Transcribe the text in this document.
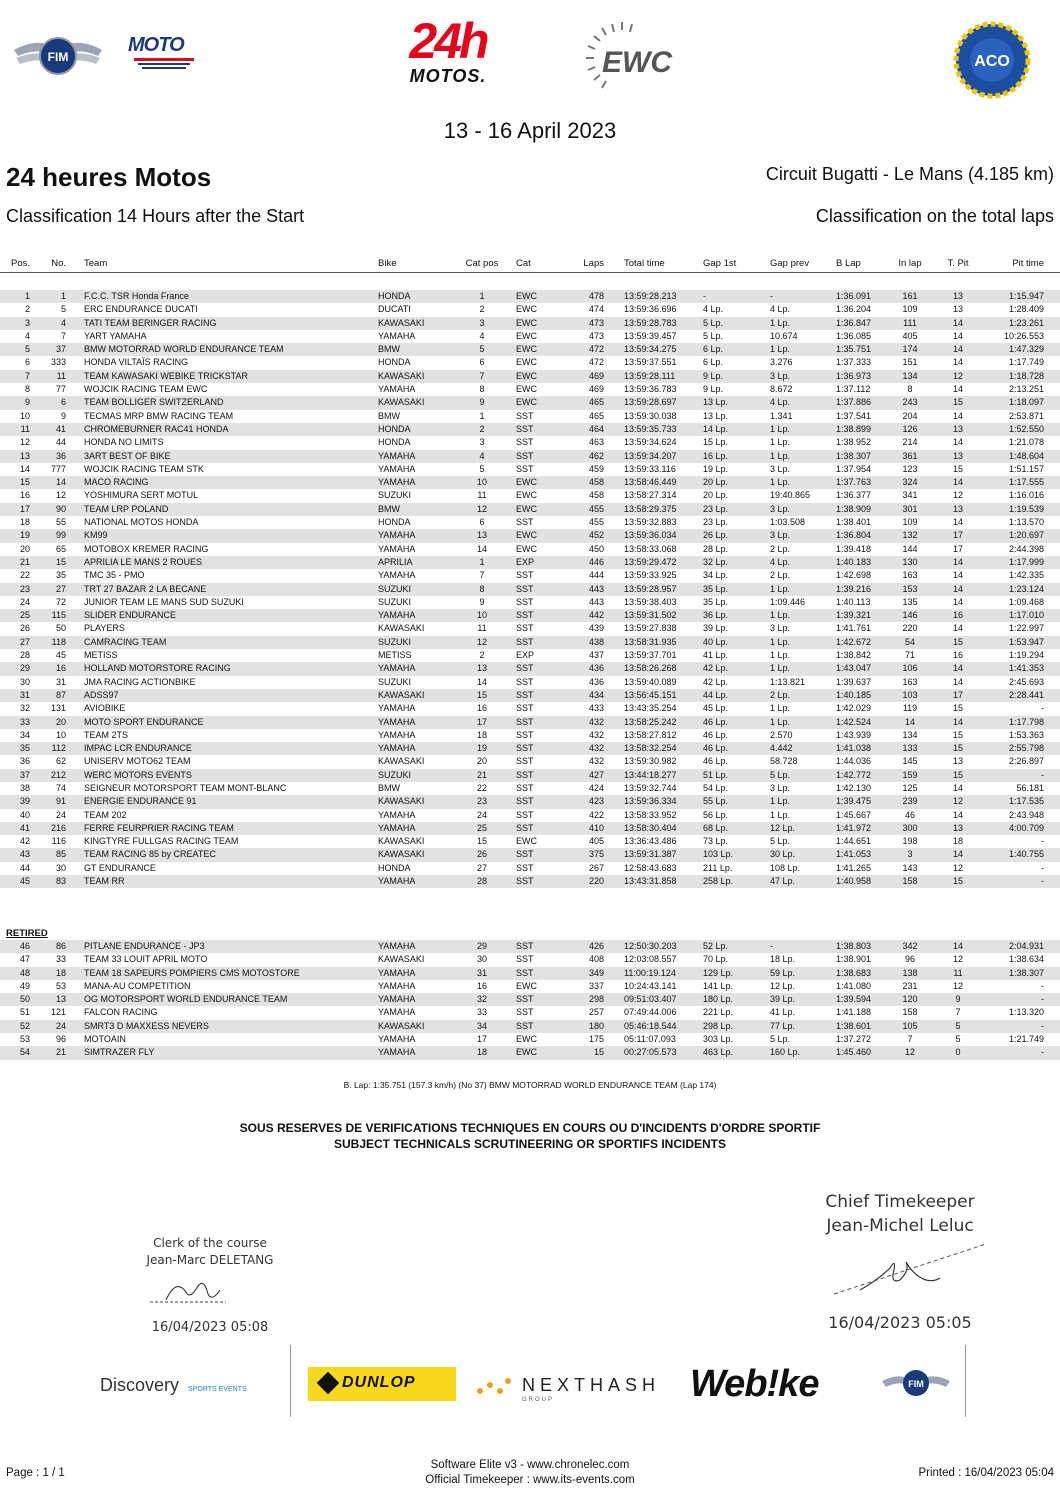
FIM
MOTO	24h
MOTOS.	EWC	ACO
13 - 16 April 2023
24 heures Motos	Circuit Bugatti - Le Mans (4.185 km)
Classification 14 Hours after the Start	Classification on the total laps
Pos.	No. Team	Bike	Cat pos	Cat	Laps Total time	Gap 1st	Gap prev	B Lap	In lap	T. Pit	Pit time
1	1 F.C.C. TSR Honda France	HONDA	1	EWC	478 13:59:28.213	-	-	1:36.091	161	13	1:15.947
2	5 ERC ENDURANCE DUCATI	DUCATI	2	EWC	474 13:59:36.696	4 Lp.	4 Lp.	1:36.204	109	13	1:28.409
3	4 TATI TEAM BERINGER RACING	KAWASAKI	3	EWC	473 13:59:28.783	5 Lp.	1 Lp.	1:36.847	111	14	1:23.261
4	7 YART YAMAHA	YAMAHA	4	EWC	473 13:59:39.457	5 Lp.	10.674	1:36.085	405	14	10:26.553
5	37 BMW MOTORRAD WORLD ENDURANCE TEAM	BMW	5	EWC	472 13:59:34.275	6 Lp.	1 Lp.	1:35.751	174	14	1:47.329
6	333 HONDA VILTAÏS RACING	HONDA	6	EWC	472 13:59:37.551	6 Lp.	3.276	1:37.333	151	14	1:17.749
7	11 TEAM KAWASAKI WEBIKE TRICKSTAR	KAWASAKI	7	EWC	469 13:59:28.111	9 Lp.	3 Lp.	1:36.973	134	12	1:18.728
8	77 WOJCIK RACING TEAM EWC	YAMAHA	8	EWC	469 13:59:36.783	9 Lp.	8.672	1:37.112	8	14	2:13.251
9	6 TEAM BOLLIGER SWITZERLAND	KAWASAKI	9	EWC	465 13:59:28.697	13 Lp.	4 Lp.	1:37.886	243	15	1:18.097
10	9 TECMAS MRP BMW RACING TEAM	BMW	1	SST	465 13:59:30.038	13 Lp.	1.341	1:37.541	204	14	2:53.871
11	41 CHROMEBURNER RAC41 HONDA	HONDA	2	SST	464 13:59:35.733	14 Lp.	1 Lp.	1:38.899	126	13	1:52.550
12	44 HONDA NO LIMITS	HONDA	3	SST	463 13:59:34.624	15 Lp.	1 Lp.	1:38.952	214	14	1:21.078
13	36 3ART BEST OF BIKE	YAMAHA	4	SST	462 13:59:34.207	16 Lp.	1 Lp.	1:38.307	361	13	1:48.604
14	777 WOJCIK RACING TEAM STK	YAMAHA	5	SST	459 13:59:33.116	19 Lp.	3 Lp.	1:37.954	123	15	1:51.157
15	14 MACO RACING	YAMAHA	10	EWC	458 13:58:46.449	20 Lp.	1 Lp.	1:37.763	324	14	1:17.555
16	12 YOSHIMURA SERT MOTUL	SUZUKI	11	EWC	458 13:58:27.314	20 Lp.	19:40.865	1:36.377	341	12	1:16.016
17	90 TEAM LRP POLAND	BMW	12	EWC	455 13:58:29.375	23 Lp.	3 Lp.	1:38.909	301	13	1:19.539
18	55 NATIONAL MOTOS HONDA	HONDA	6	SST	455 13:59:32.883	23 Lp.	1:03.508	1:38.401	109	14	1:13.570
19	99 KM99	YAMAHA	13	EWC	452 13:59:36.034	26 Lp.	3 Lp.	1:36.804	132	17	1:20.697
20	65 MOTOBOX KREMER RACING	YAMAHA	14	EWC	450 13:58:33.068	28 Lp.	2 Lp.	1:39.418	144	17	2:44.398
21	15 APRILIA LE MANS 2 ROUES	APRILIA	1	EXP	446 13:59:29.472	32 Lp.	4 Lp.	1:40.183	130	14	1:17.999
22	35 TMC 35 - PMO	YAMAHA	7	SST	444 13:59:33.925	34 Lp.	2 Lp.	1:42.698	163	14	1:42.335
23	27 TRT 27 BAZAR 2 LA BECANE	SUZUKI	8	SST	443 13:59:28.957	35 Lp.	1 Lp.	1:39.216	153	14	1:23.124
24	72 JUNIOR TEAM LE MANS SUD SUZUKI	SUZUKI	9	SST	443 13:59:38.403	35 Lp.	1:09.446	1:40.113	135	14	1:09.468
25	115 SLIDER ENDURANCE	YAMAHA	10	SST	442 13:59:31.502	36 Lp.	1 Lp.	1:39.321	146	16	1:17.010
26	50 PLAYERS	KAWASAKI	11	SST	439 13:59:27.838	39 Lp.	3 Lp.	1:41.761	220	14	1:22.997
27	118 CAMRACING TEAM	SUZUKI	12	SST	438 13:58:31.935	40 Lp.	1 Lp.	1:42.672	54	15	1:53.947
28	45 METISS	METISS	2	EXP	437 13:59:37.701	41 Lp.	1 Lp.	1:38.842	71	16	1:19.294
29	16 HOLLAND MOTORSTORE RACING	YAMAHA	13	SST	436 13:58:26.268	42 Lp.	1 Lp.	1:43.047	106	14	1:41.353
30	31 JMA RACING ACTIONBIKE	SUZUKI	14	SST	436 13:59:40.089	42 Lp.	1:13.821	1:39.637	163	14	2:45.693
31	87 ADSS97	KAWASAKI	15	SST	434 13:56:45.151	44 Lp.	2 Lp.	1:40.185	103	17	2:28.441
32	131 AVIOBIKE	YAMAHA	16	SST	433 13:43:35.254	45 Lp.	1 Lp.	1:42.029	119	15	-
33	20 MOTO SPORT ENDURANCE	YAMAHA	17	SST	432 13:58:25.242	46 Lp.	1 Lp.	1:42.524	14	14	1:17.798
34	10 TEAM 2TS	YAMAHA	18	SST	432 13:58:27.812	46 Lp.	2.570	1:43.939	134	15	1:53.363
35	112 IMPAC LCR ENDURANCE	YAMAHA	19	SST	432 13:58:32.254	46 Lp.	4.442	1:41.038	133	15	2:55.798
36	62 UNISERV MOTO62 TEAM	KAWASAKI	20	SST	432 13:59:30.982	46 Lp.	58.728	1:44.036	145	13	2:26.897
37	212 WERC MOTORS EVENTS	SUZUKI	21	SST	427 13:44:18.277	51 Lp.	5 Lp.	1:42.772	159	15	-
38	74 SEIGNEUR MOTORSPORT TEAM MONT-BLANC	BMW	22	SST	424 13:59:32.744	54 Lp.	3 Lp.	1:42.130	125	14	56.181
39	91 ENERGIE ENDURANCE 91	KAWASAKI	23	SST	423 13:59:36.334	55 Lp.	1 Lp.	1:39.475	239	12	1:17.535
40	24 TEAM 202	YAMAHA	24	SST	422 13:58:33.952	56 Lp.	1 Lp.	1:45.667	46	14	2:43.948
41	216 FERRE FEURPRIER RACING TEAM	YAMAHA	25	SST	410 13:58:30.404	68 Lp.	12 Lp.	1:41.972	300	13	4:00.709
42	116 KINGTYRE FULLGAS RACING TEAM	KAWASAKI	15	EWC	405 13:36:43.486	73 Lp.	5 Lp.	1:44.651	198	18	-
43	85 TEAM RACING 85 by CREATEC	KAWASAKI	26	SST	375 13:59:31.387	103 Lp.	30 Lp.	1:41.053	3	14	1:40.755
44	30 GT ENDURANCE	HONDA	27	SST	267 12:58:43.683	211 Lp.	108 Lp.	1:41.265	143	12	-
45	83 TEAM RR	YAMAHA	28	SST	220 13:43:31.858	258 Lp.	47 Lp.	1:40.958	158	15	-
RETIRED
46	86 PITLANE ENDURANCE - JP3	YAMAHA	29	SST	426 12:50:30.203	52 Lp.	-	1:38.803	342	14	2:04.931
47	33 TEAM 33 LOUIT APRIL MOTO	KAWASAKI	30	SST	408 12:03:08.557	70 Lp.	18 Lp.	1:38.901	96	12	1:38.634
48	18 TEAM 18 SAPEURS POMPIERS CMS MOTOSTORE	YAMAHA	31	SST	349 11:00:19.124	129 Lp.	59 Lp.	1:38.683	138	11	1:38.307
49	53 MANA-AU COMPETITION	YAMAHA	16	EWC	337 10:24:43.141	141 Lp.	12 Lp.	1:41.080	231	12	-
50	13 OG MOTORSPORT WORLD ENDURANCE TEAM	YAMAHA	32	SST	298 09:51:03.407	180 Lp.	39 Lp.	1:39.594	120	9	-
51	121 FALCON RACING	YAMAHA	33	SST	257 07:49:44.006	221 Lp.	41 Lp.	1:41.188	158	7	1:13.320
52	24 SMRT3 D MAXXESS NEVERS	KAWASAKI	34	SST	180 05:46:18.544	298 Lp.	77 Lp.	1:38.601	105	5	-
53	96 MOTOAIN	YAMAHA	17	EWC	175 05:11:07.093	303 Lp.	5 Lp.	1:37.272	7	5	1:21.749
54	21 SIMTRAZER FLY	YAMAHA	18	EWC	15 00:27:05.573	463 Lp.	160 Lp.	1:45.460	12	0	-
B. Lap: 1:35.751 (157.3 km/h) (No 37) BMW MOTORRAD WORLD ENDURANCE TEAM (Lap 174)
SOUS RESERVES DE VERIFICATIONS TECHNIQUES EN COURS OU D'INCIDENTS D'ORDRE SPORTIF
SUBJECT TECHNICALS SCRUTINEERING OR SPORTIFS INCIDENTS
Chief Timekeeper
Jean-Michel Leluc
16/04/2023 05:05
Clerk of the course
Jean-Marc DELETANG
16/04/2023 05:08
Discovery SPORTS EVENTS	DUNLOP	NEXTHASH
GROUP	Web!ke	FIM
Page : 1 / 1
Software Elite v3 - www.chronelec.com
Official Timekeeper : www.its-events.com
Printed : 16/04/2023 05:04
